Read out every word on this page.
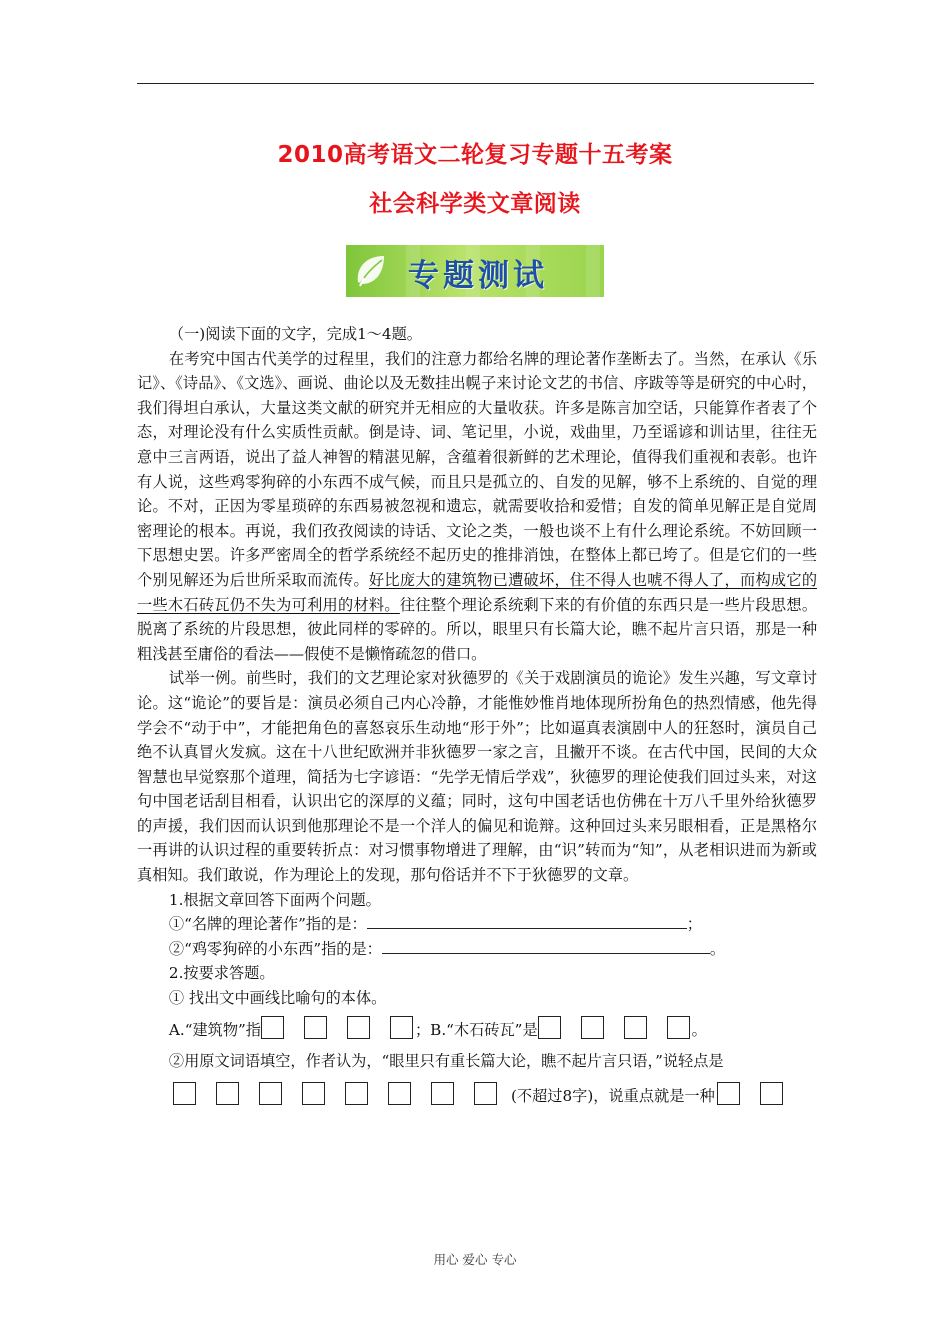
2010高考语文二轮复习专题十五考案
社会科学类文章阅读
专题测试

（一)阅读下面的文字，完成1～4题。

在考究中国古代美学的过程里，我们的注意力都给名牌的理论著作垄断去了。当然，在承认《乐记》、《诗品》、《文选》、画说、曲论以及无数挂出幌子来讨论文艺的书信、序跋等等是研究的中心时，我们得坦白承认，大量这类文献的研究并无相应的大量收获。许多是陈言加空话，只能算作者表了个态，对理论没有什么实质性贡献。倒是诗、词、笔记里，小说，戏曲里，乃至谣谚和训诂里，往往无意中三言两语，说出了益人神智的精湛见解，含蕴着很新鲜的艺术理论，值得我们重视和表彰。也许有人说，这些鸡零狗碎的小东西不成气候，而且只是孤立的、自发的见解，够不上系统的、自觉的理论。不对，正因为零星琐碎的东西易被忽视和遗忘，就需要收拾和爱惜；自发的简单见解正是自觉周密理论的根本。再说，我们孜孜阅读的诗话、文论之类，一般也谈不上有什么理论系统。不妨回顾一下思想史罢。许多严密周全的哲学系统经不起历史的推排消蚀，在整体上都已垮了。但是它们的一些个别见解还为后世所采取而流传。好比庞大的建筑物已遭破坏，住不得人也唬不得人了，而构成它的一些木石砖瓦仍不失为可利用的材料。往往整个理论系统剩下来的有价值的东西只是一些片段思想。脱离了系统的片段思想，彼此同样的零碎的。所以，眼里只有长篇大论，瞧不起片言只语，那是一种粗浅甚至庸俗的看法——假使不是懒惰疏忽的借口。

试举一例。前些时，我们的文艺理论家对狄德罗的《关于戏剧演员的诡论》发生兴趣，写文章讨论。这“诡论”的要旨是：演员必须自己内心冷静，才能惟妙惟肖地体现所扮角色的热烈情感，他先得学会不“动于中”，才能把角色的喜怒哀乐生动地“形于外”；比如逼真表演剧中人的狂怒时，演员自己绝不认真冒火发疯。这在十八世纪欧洲并非狄德罗一家之言，且撇开不谈。在古代中国，民间的大众智慧也早觉察那个道理，简括为七字谚语：“先学无情后学戏”，狄德罗的理论使我们回过头来，对这句中国老话刮目相看，认识出它的深厚的义蕴；同时，这句中国老话也仿佛在十万八千里外给狄德罗的声援，我们因而认识到他那理论不是一个洋人的偏见和诡辩。这种回过头来另眼相看，正是黑格尔一再讲的认识过程的重要转折点：对习惯事物增进了理解，由“识”转而为“知”，从老相识进而为新或真相知。我们敢说，作为理论上的发现，那句俗话并不下于狄德罗的文章。

1.根据文章回答下面两个问题。

①“名牌的理论著作”指的是：	；

②“鸡零狗碎的小东西”指的是：	。

2.按要求答题。

① 找出文中画线比喻句的本体。

A.“建筑物”指	；B.“木石砖瓦”是	。

②用原文词语填空，作者认为，“眼里只有重长篇大论，瞧不起片言只语，”说轻点是

(不超过8字)，说重点就是一种

用心 爱心 专心
